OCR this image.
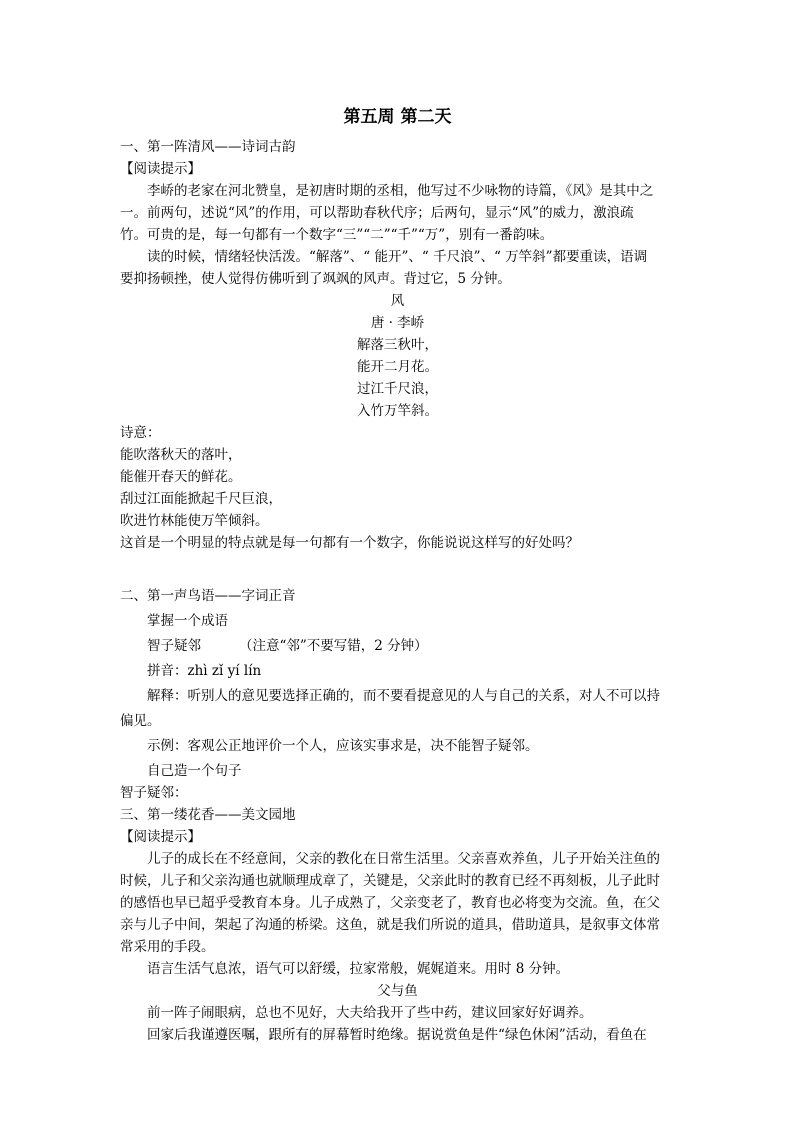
第五周 第二天
一、第一阵清风——诗词古韵
【阅读提示】
李峤的老家在河北赞皇，是初唐时期的丞相，他写过不少咏物的诗篇，《风》是其中之
一。前两句，述说“风”的作用，可以帮助春秋代序；后两句，显示“风”的威力，激浪疏
竹。可贵的是，每一句都有一个数字“三”“二”“千”“万”，别有一番韵味。
读的时候，情绪轻快活泼。“解落”、“ 能开”、“ 千尺浪”、“ 万竿斜”都要重读，语调
要抑扬顿挫，使人觉得仿佛听到了飒飒的风声。背过它，5 分钟。
风
唐 · 李峤
解落三秋叶，
能开二月花。
过江千尺浪，
入竹万竿斜。
诗意：
能吹落秋天的落叶，
能催开春天的鲜花。
刮过江面能掀起千尺巨浪，
吹进竹林能使万竿倾斜。
这首是一个明显的特点就是每一句都有一个数字，你能说说这样写的好处吗？
二、第一声鸟语——字词正音
掌握一个成语
智子疑邻	（注意“邻”不要写错，2 分钟）
拼音：zhì zǐ yí lín
解释：听别人的意见要选择正确的，而不要看提意见的人与自己的关系，对人不可以持
偏见。
示例：客观公正地评价一个人，应该实事求是，决不能智子疑邻。
自己造一个句子
智子疑邻：
三、第一缕花香——美文园地
【阅读提示】
儿子的成长在不经意间，父亲的教化在日常生活里。父亲喜欢养鱼，儿子开始关注鱼的
时候，儿子和父亲沟通也就顺理成章了，关键是，父亲此时的教育已经不再刻板，儿子此时
的感悟也早已超乎受教育本身。儿子成熟了，父亲变老了，教育也必将变为交流。鱼，在父
亲与儿子中间，架起了沟通的桥梁。这鱼，就是我们所说的道具，借助道具，是叙事文体常
常采用的手段。
语言生活气息浓，语气可以舒缓，拉家常般，娓娓道来。用时 8 分钟。
父与鱼
前一阵子闹眼病，总也不见好，大夫给我开了些中药，建议回家好好调养。
回家后我谨遵医嘱，跟所有的屏幕暂时绝缘。据说赏鱼是件“绿色休闲”活动，看鱼在
